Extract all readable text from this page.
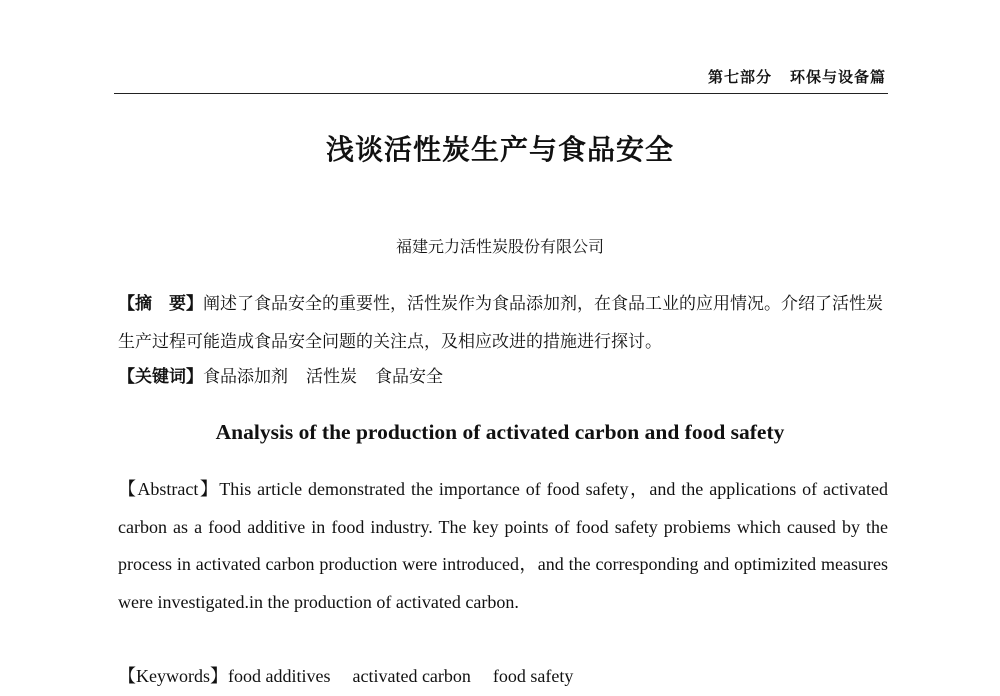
第七部分 环保与设备篇
浅谈活性炭生产与食品安全
福建元力活性炭股份有限公司
【摘　要】阐述了食品安全的重要性，活性炭作为食品添加剂，在食品工业的应用情况。介绍了活性炭生产过程可能造成食品安全问题的关注点，及相应改进的措施进行探讨。
【关键词】食品添加剂 活性炭 食品安全
Analysis of the production of activated carbon and food safety
【Abstract】This article demonstrated the importance of food safety，and the applications of activated carbon as a food additive in food industry. The key points of food safety probiems which caused by the process in activated carbon production were introduced，and the corresponding and optimizited measures were investigated.in the production of activated carbon.
【Keywords】food additives activated carbon food safety
